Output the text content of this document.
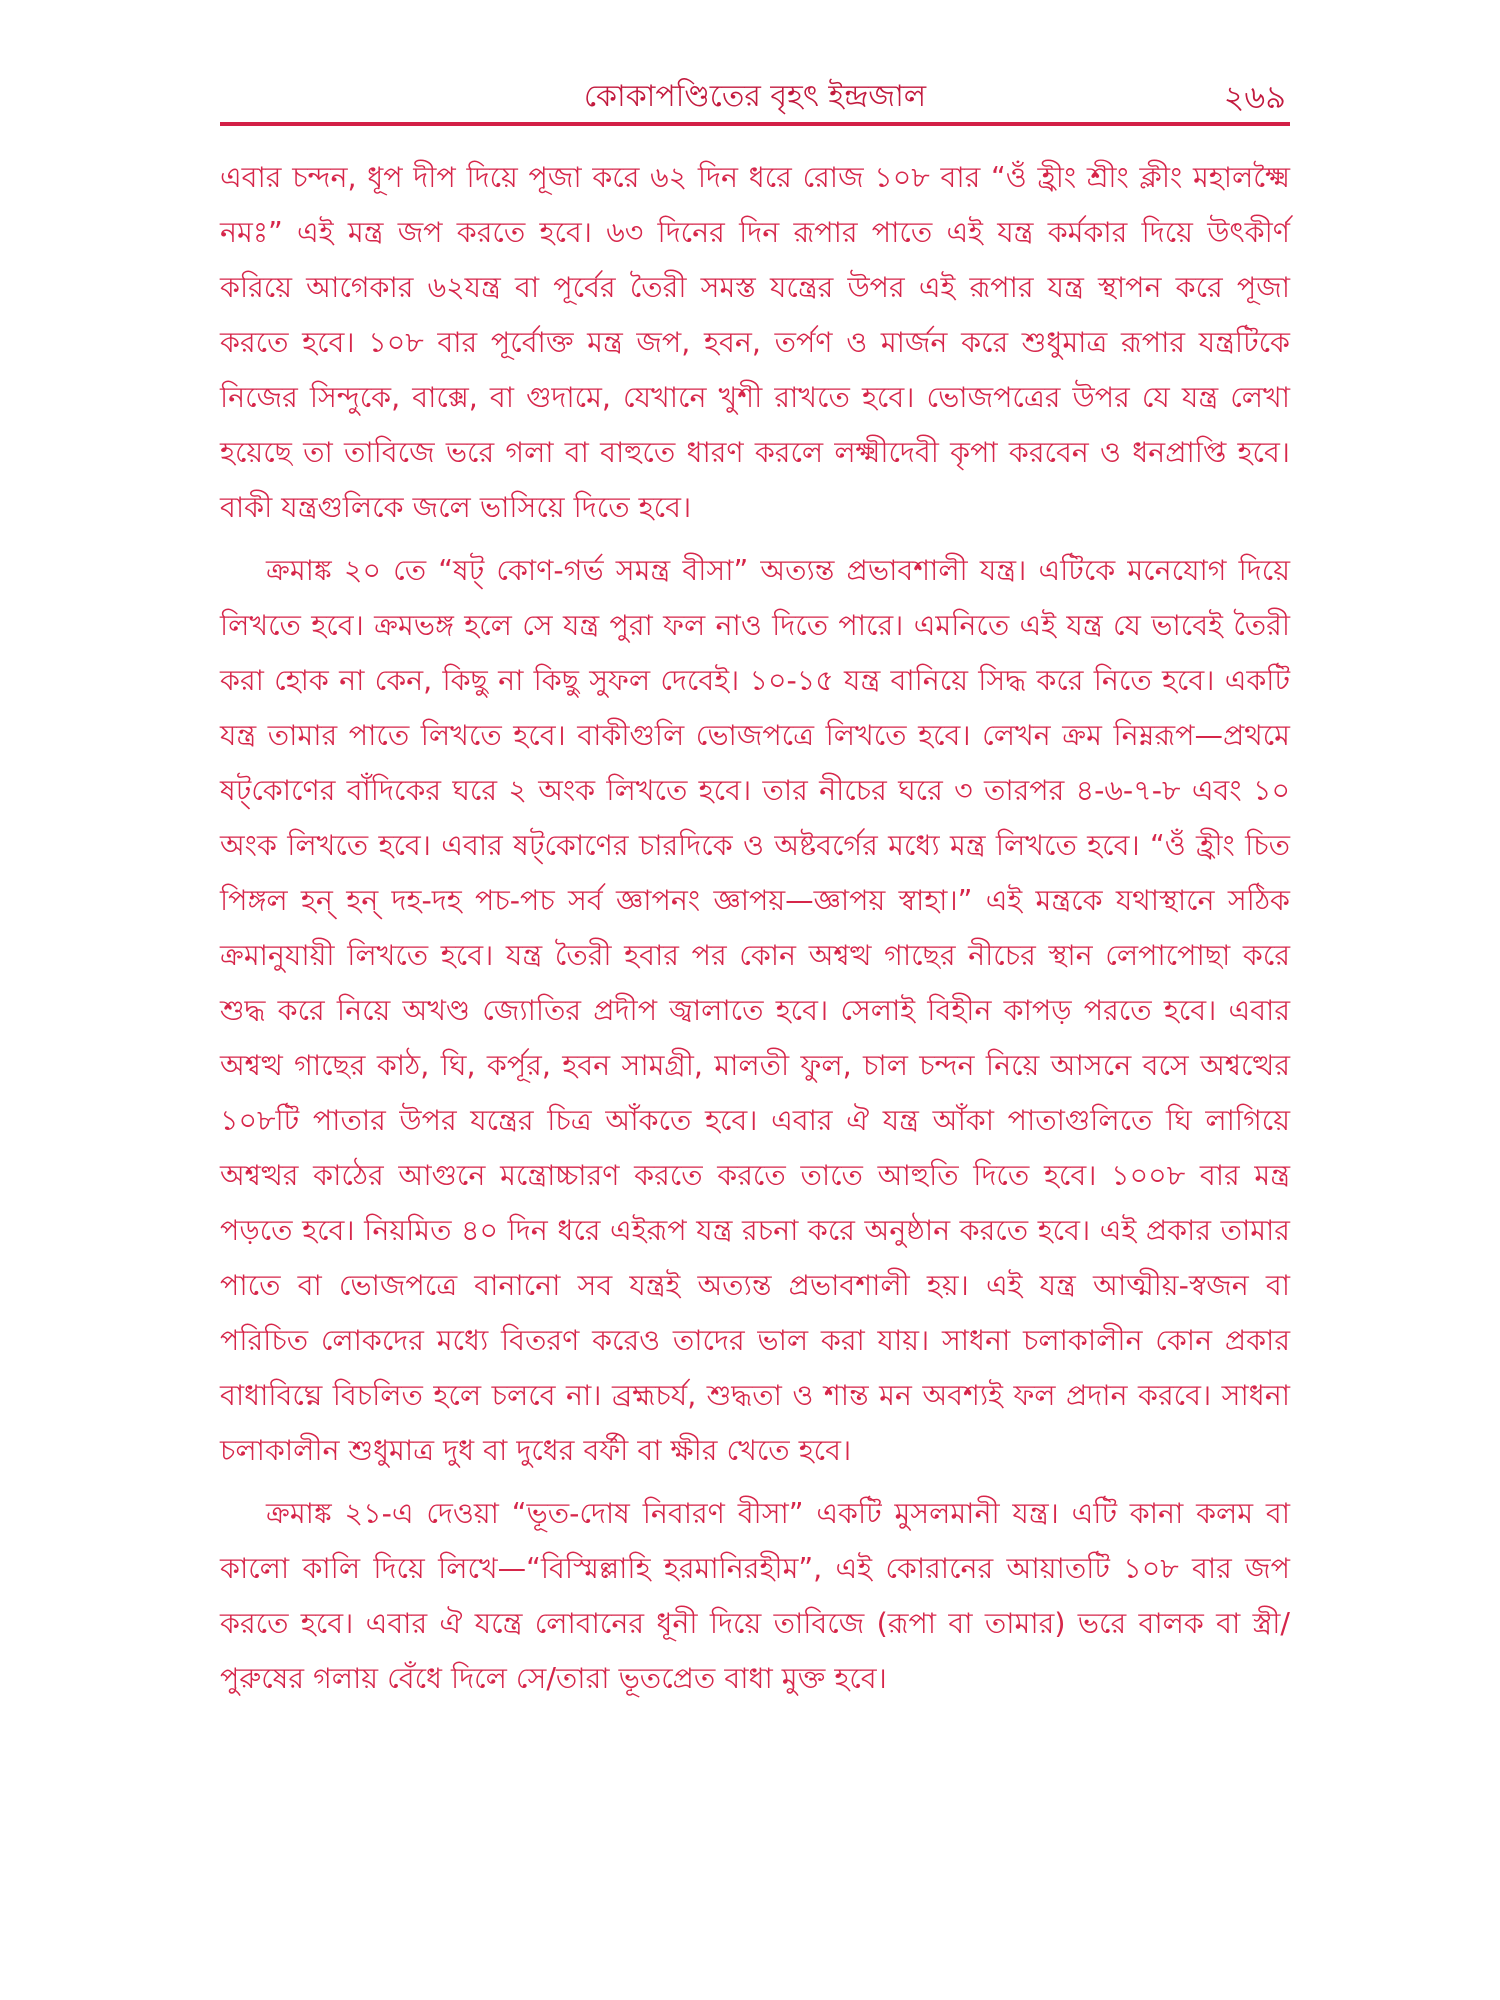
কোকাপণ্ডিতের বৃহৎ ইন্দ্রজাল	২৬৯

এবার চন্দন, ধূপ দীপ দিয়ে পূজা করে ৬২ দিন ধরে রোজ ১০৮ বার “ওঁ হ্রীং শ্রীং ক্লীং মহালক্ষ্মৈ নমঃ” এই মন্ত্র জপ করতে হবে। ৬৩ দিনের দিন রূপার পাতে এই যন্ত্র কর্মকার দিয়ে উৎকীর্ণ করিয়ে আগেকার ৬২যন্ত্র বা পূর্বের তৈরী সমস্ত যন্ত্রের উপর এই রূপার যন্ত্র স্থাপন করে পূজা করতে হবে। ১০৮ বার পূর্বোক্ত মন্ত্র জপ, হবন, তর্পণ ও মার্জন করে শুধুমাত্র রূপার যন্ত্রটিকে নিজের সিন্দুকে, বাক্সে, বা গুদামে, যেখানে খুশী রাখতে হবে। ভোজপত্রের উপর যে যন্ত্র লেখা হয়েছে তা তাবিজে ভরে গলা বা বাহুতে ধারণ করলে লক্ষ্মীদেবী কৃপা করবেন ও ধনপ্রাপ্তি হবে। বাকী যন্ত্রগুলিকে জলে ভাসিয়ে দিতে হবে।

ক্রমাঙ্ক ২০ তে “ষট্ কোণ-গর্ভ সমন্ত্র বীসা” অত্যন্ত প্রভাবশালী যন্ত্র। এটিকে মনেযোগ দিয়ে লিখতে হবে। ক্রমভঙ্গ হলে সে যন্ত্র পুরা ফল নাও দিতে পারে। এমনিতে এই যন্ত্র যে ভাবেই তৈরী করা হোক না কেন, কিছু না কিছু সুফল দেবেই। ১০-১৫ যন্ত্র বানিয়ে সিদ্ধ করে নিতে হবে। একটি যন্ত্র তামার পাতে লিখতে হবে। বাকীগুলি ভোজপত্রে লিখতে হবে। লেখন ক্রম নিম্নরূপ—প্রথমে ষট্‌কোণের বাঁদিকের ঘরে ২ অংক লিখতে হবে। তার নীচের ঘরে ৩ তারপর ৪-৬-৭-৮ এবং ১০ অংক লিখতে হবে। এবার ষট্‌কোণের চারদিকে ও অষ্টবর্গের মধ্যে মন্ত্র লিখতে হবে। “ওঁ হ্রীং চিত পিঙ্গল হন্ হন্ দহ-দহ পচ-পচ সর্ব জ্ঞাপনং জ্ঞাপয়—জ্ঞাপয় স্বাহা।” এই মন্ত্রকে যথাস্থানে সঠিক ক্রমানুযায়ী লিখতে হবে। যন্ত্র তৈরী হবার পর কোন অশ্বত্থ গাছের নীচের স্থান লেপাপোছা করে শুদ্ধ করে নিয়ে অখণ্ড জ্যোতির প্রদীপ জ্বালাতে হবে। সেলাই বিহীন কাপড় পরতে হবে। এবার অশ্বত্থ গাছের কাঠ, ঘি, কর্পূর, হবন সামগ্রী, মালতী ফুল, চাল চন্দন নিয়ে আসনে বসে অশ্বত্থের ১০৮টি পাতার উপর যন্ত্রের চিত্র আঁকতে হবে। এবার ঐ যন্ত্র আঁকা পাতাগুলিতে ঘি লাগিয়ে অশ্বত্থর কাঠের আগুনে মন্ত্রোচ্চারণ করতে করতে তাতে আহুতি দিতে হবে। ১০০৮ বার মন্ত্র পড়তে হবে। নিয়মিত ৪০ দিন ধরে এইরূপ যন্ত্র রচনা করে অনুষ্ঠান করতে হবে। এই প্রকার তামার পাতে বা ভোজপত্রে বানানো সব যন্ত্রই অত্যন্ত প্রভাবশালী হয়। এই যন্ত্র আত্মীয়-স্বজন বা পরিচিত লোকদের মধ্যে বিতরণ করেও তাদের ভাল করা যায়। সাধনা চলাকালীন কোন প্রকার বাধাবিঘ্নে বিচলিত হলে চলবে না। ব্রহ্মচর্য, শুদ্ধতা ও শান্ত মন অবশ্যই ফল প্রদান করবে। সাধনা চলাকালীন শুধুমাত্র দুধ বা দুধের বর্ফী বা ক্ষীর খেতে হবে।

ক্রমাঙ্ক ২১-এ দেওয়া “ভূত-দোষ নিবারণ বীসা” একটি মুসলমানী যন্ত্র। এটি কানা কলম বা কালো কালি দিয়ে লিখে—“বিস্মিল্লাহি হরমানিরহীম”, এই কোরানের আয়াতটি ১০৮ বার জপ করতে হবে। এবার ঐ যন্ত্রে লোবানের ধূনী দিয়ে তাবিজে (রূপা বা তামার) ভরে বালক বা স্ত্রী/পুরুষের গলায় বেঁধে দিলে সে/তারা ভূতপ্রেত বাধা মুক্ত হবে।
